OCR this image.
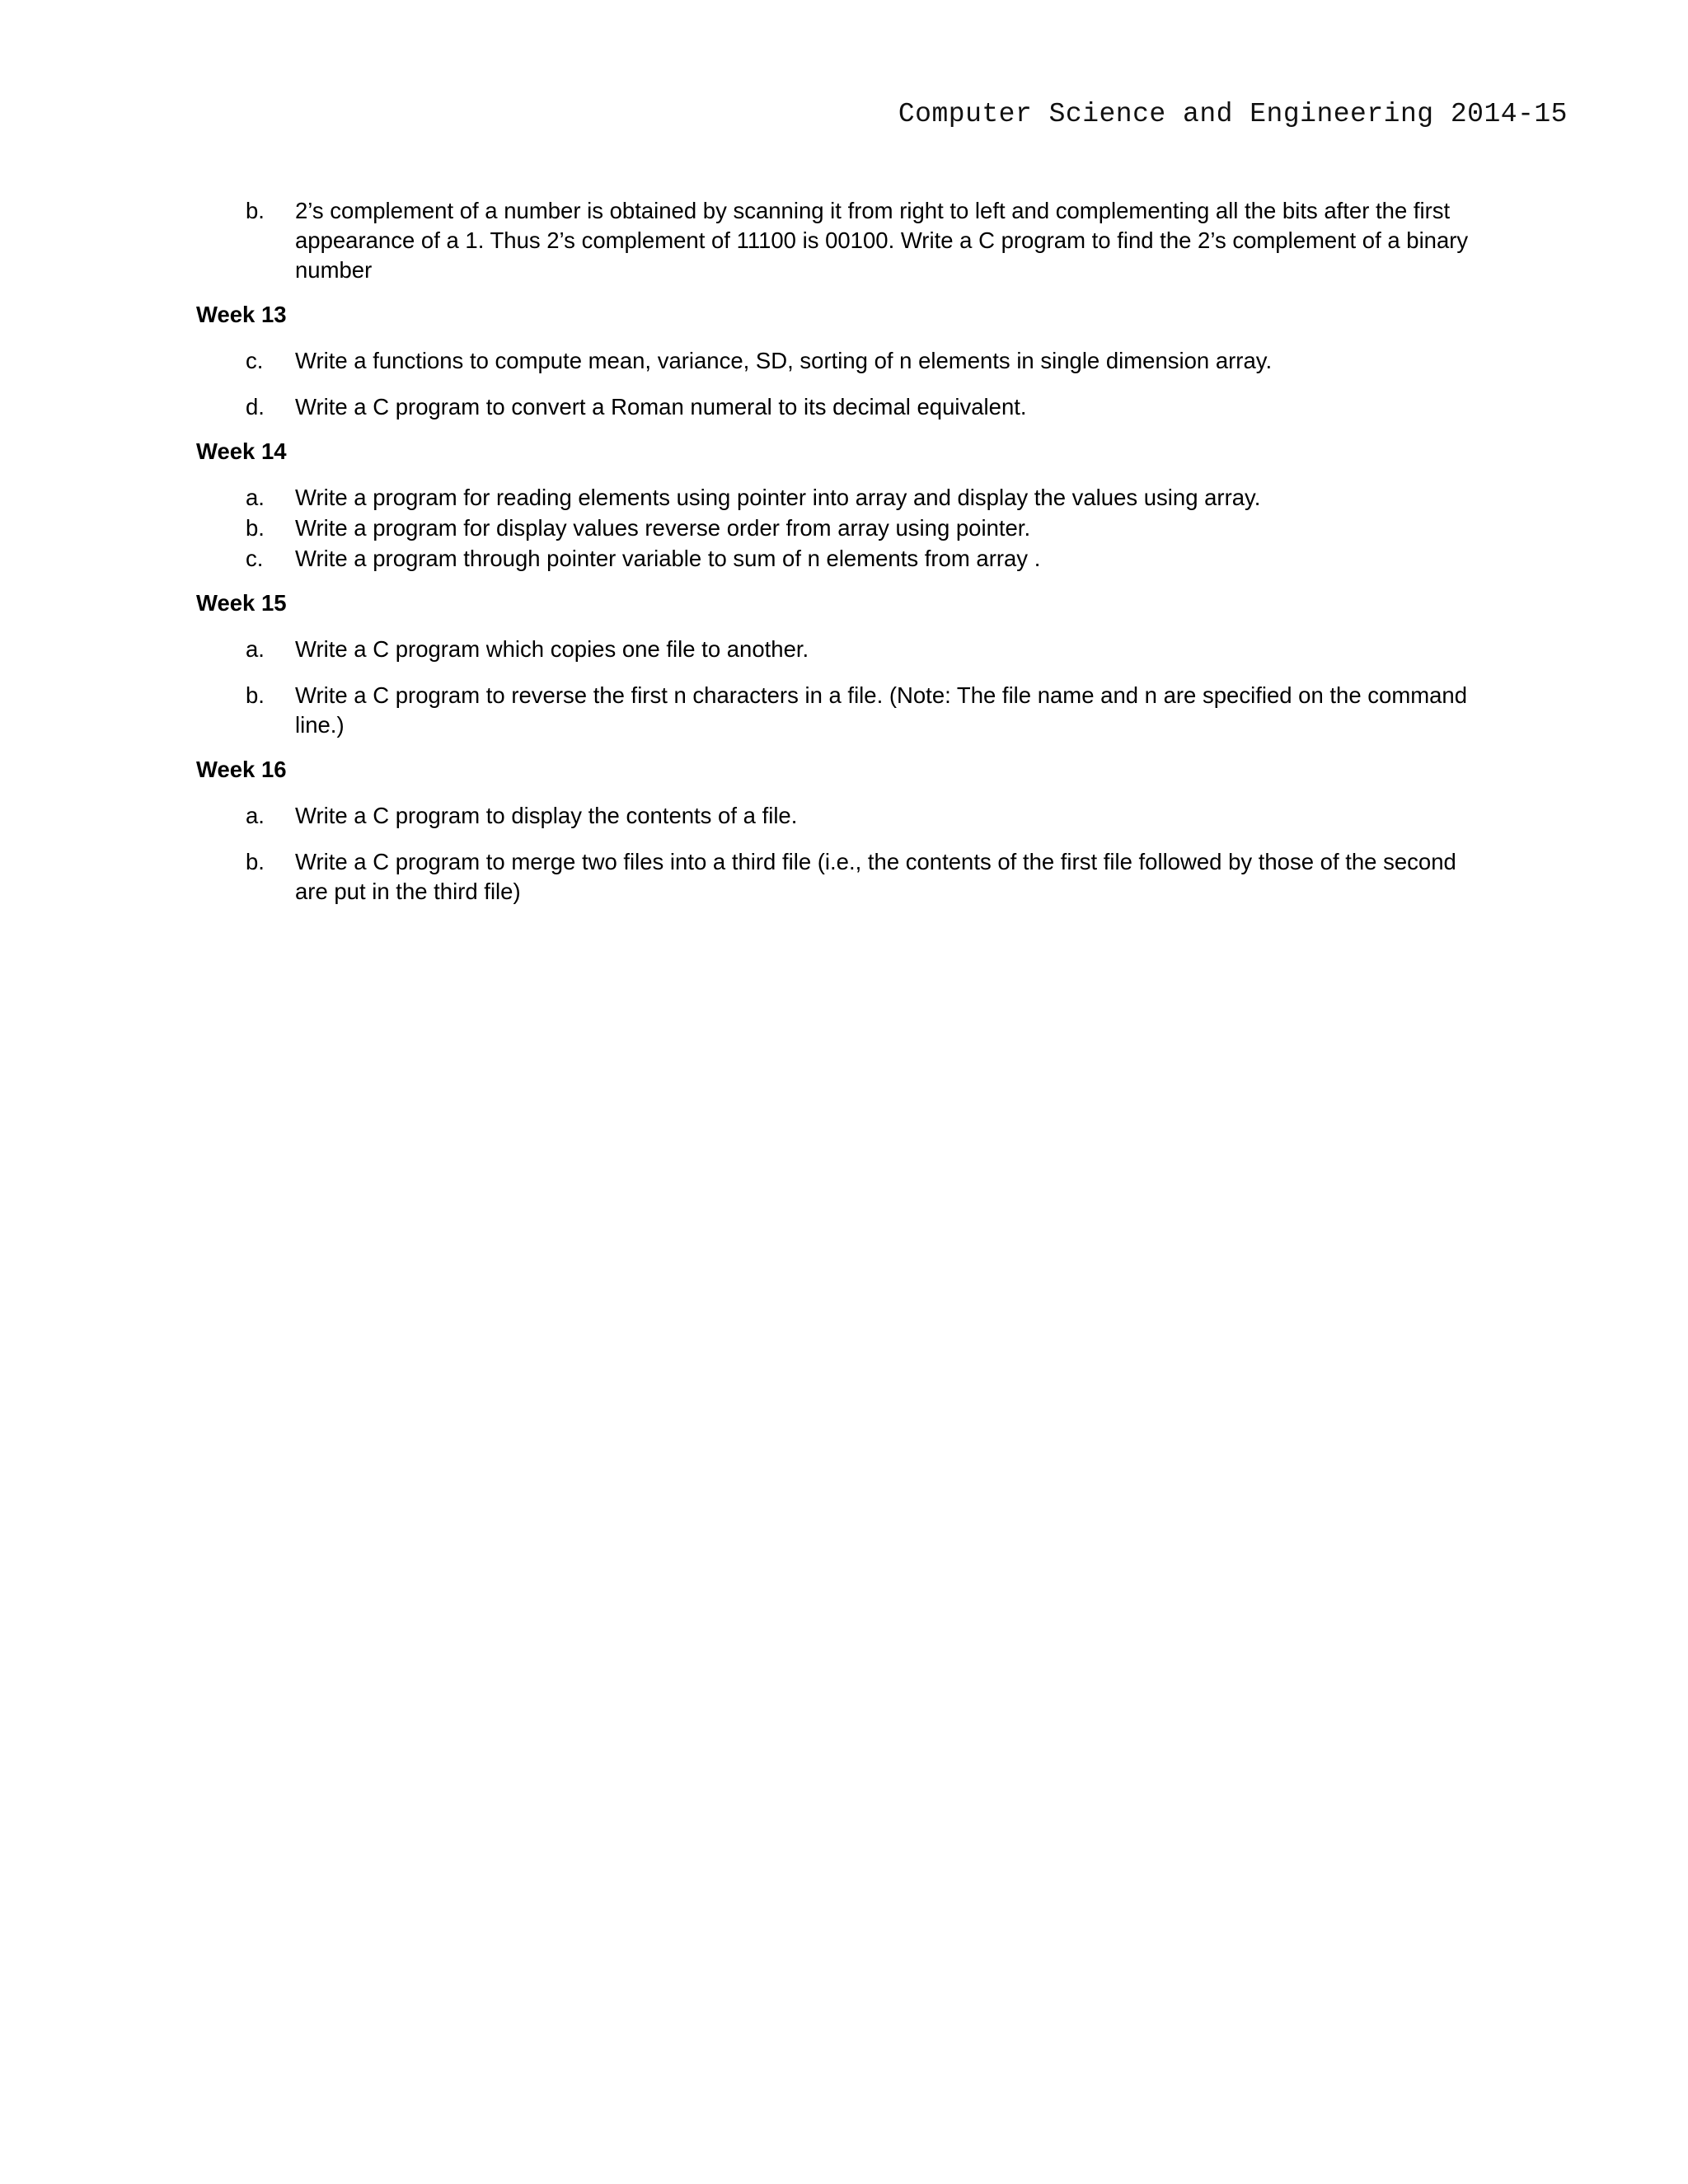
Computer Science and Engineering 2014-15
b.	2’s complement of a number is obtained by scanning it from right to left and complementing all the bits after the first appearance of a 1. Thus 2’s complement of 11100 is 00100. Write a C program to find the 2’s complement of a binary number
Week 13
c.	Write a functions to compute mean, variance, SD, sorting of n elements in single dimension array.
d.	Write a C program to convert a Roman numeral to its decimal equivalent.
Week 14
a.	Write a program for reading elements using pointer into array and display the values using array.
b.	Write a program for display values reverse order from array using pointer.
c.	Write a program through pointer variable to sum of n elements from array .
Week 15
a.	Write a C program which copies one file to another.
b.	Write a C program to reverse the first n characters in a file. (Note: The file name and n are specified on the command line.)
Week 16
a.	Write a C program to display the contents of a file.
b.	Write a C program to merge two files into a third file (i.e., the contents of the first file followed by those of the second are put in the third file)
